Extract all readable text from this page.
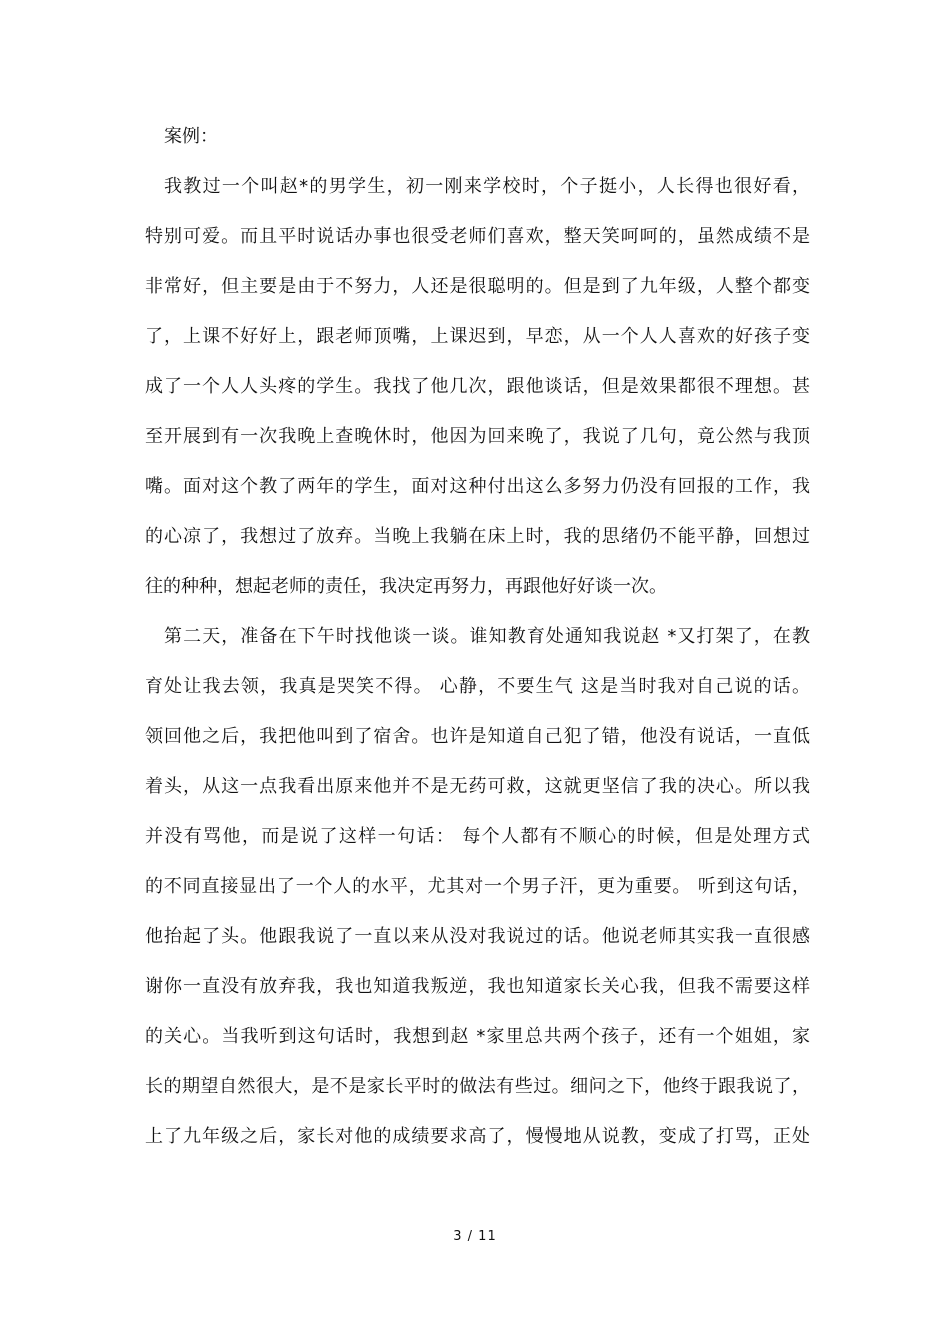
案例：
我教过一个叫赵*的男学生，初一刚来学校时，个子挺小，人长得也很好看，
特别可爱。而且平时说话办事也很受老师们喜欢，整天笑呵呵的，虽然成绩不是
非常好，但主要是由于不努力，人还是很聪明的。但是到了九年级，人整个都变
了，上课不好好上，跟老师顶嘴，上课迟到，早恋，从一个人人喜欢的好孩子变
成了一个人人头疼的学生。我找了他几次，跟他谈话，但是效果都很不理想。甚
至开展到有一次我晚上查晚休时，他因为回来晚了，我说了几句，竟公然与我顶
嘴。面对这个教了两年的学生，面对这种付出这么多努力仍没有回报的工作，我
的心凉了，我想过了放弃。当晚上我躺在床上时，我的思绪仍不能平静，回想过
往的种种，想起老师的责任，我决定再努力，再跟他好好谈一次。
第二天，准备在下午时找他谈一谈。谁知教育处通知我说赵 *又打架了，在教
育处让我去领，我真是哭笑不得。 心静，不要生气 这是当时我对自己说的话。
领回他之后，我把他叫到了宿舍。也许是知道自己犯了错，他没有说话，一直低
着头，从这一点我看出原来他并不是无药可救，这就更坚信了我的决心。所以我
并没有骂他，而是说了这样一句话： 每个人都有不顺心的时候，但是处理方式
的不同直接显出了一个人的水平，尤其对一个男子汗，更为重要。 听到这句话，
他抬起了头。他跟我说了一直以来从没对我说过的话。他说老师其实我一直很感
谢你一直没有放弃我，我也知道我叛逆，我也知道家长关心我，但我不需要这样
的关心。当我听到这句话时，我想到赵 *家里总共两个孩子，还有一个姐姐，家
长的期望自然很大，是不是家长平时的做法有些过。细问之下，他终于跟我说了，
上了九年级之后，家长对他的成绩要求高了，慢慢地从说教，变成了打骂，正处
3 / 11
